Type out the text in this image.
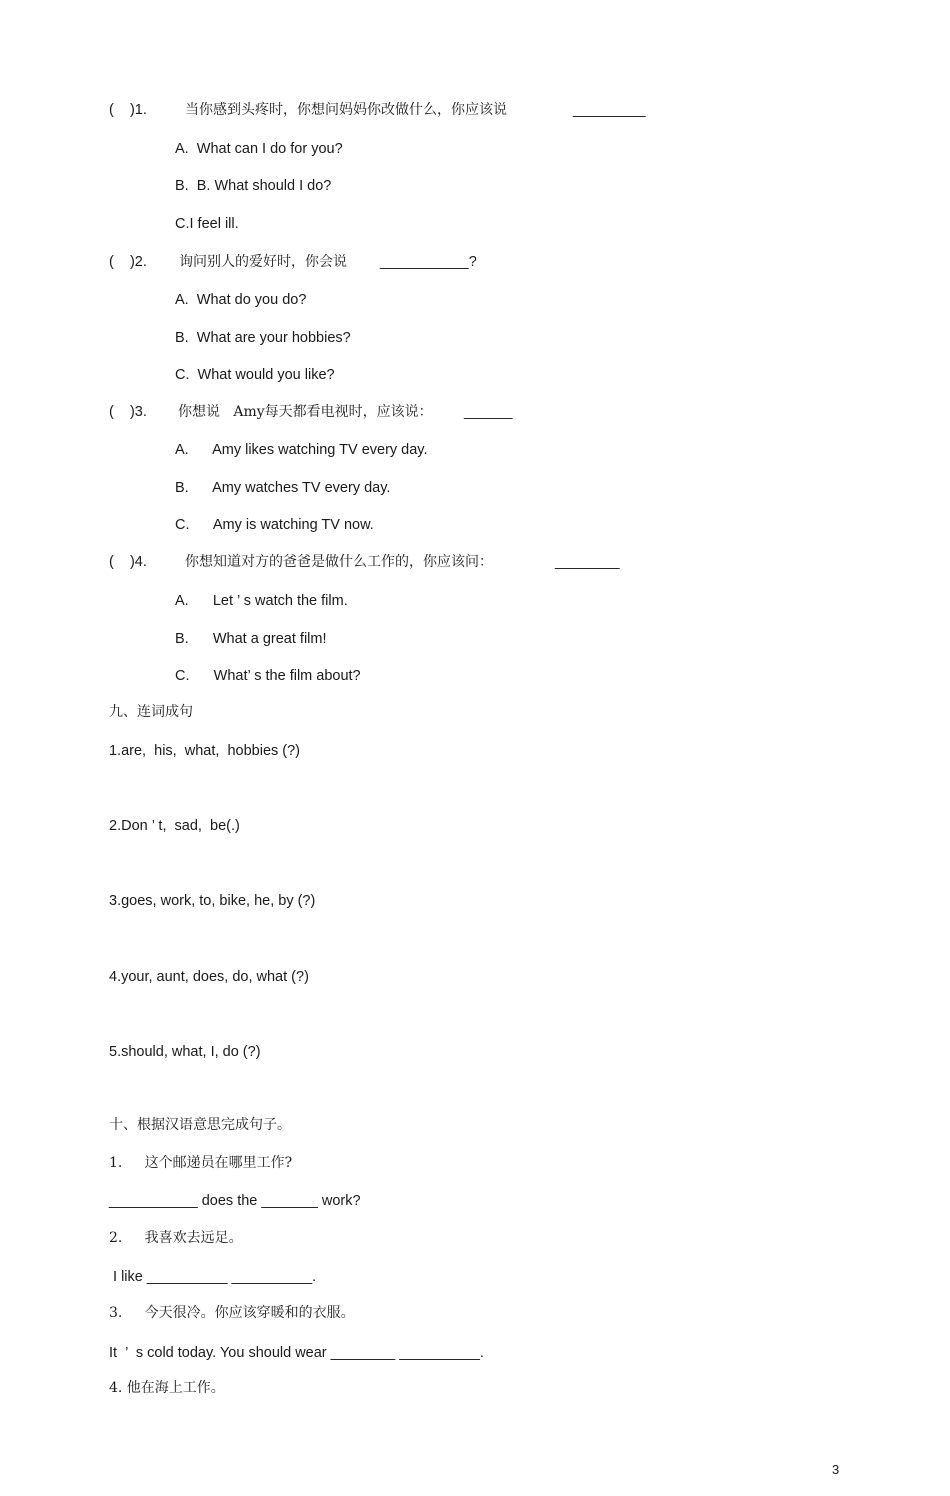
(    )1.	当你感到头疼时，你想问妈妈你改做什么，你应该说	_________
A.  What can I do for you?
B.  B. What should I do?
C.I feel ill.
(    )2. 询问别人的爱好时，你会说 ___________?
A.  What do you do?
B.  What are your hobbies?
C.  What would you like?
(    )3. 你想说   Amy每天都看电视时，应该说： ______
A.      Amy likes watching TV every day.
B.      Amy watches TV every day.
C.      Amy is watching TV now.
(    )4.	你想知道对方的爸爸是做什么工作的，你应该问：	________
A.      Let ’ s watch the film.
B.      What a great film!
C.      What’ s the film about?
九、连词成句
1.are,  his,  what,  hobbies (?)
2.Don ’ t,  sad,  be(.)
3.goes, work, to, bike, he, by (?)
4.your, aunt, does, do, what (?)
5.should, what, I, do (?)
十、根据汉语意思完成句子。
1.     这个邮递员在哪里工作?
___________ does the _______ work?
2.     我喜欢去远足。
I like __________ __________.
3.     今天很冷。你应该穿暖和的衣服。
It  ’  s cold today. You should wear ________ __________.
4. 他在海上工作。
3
